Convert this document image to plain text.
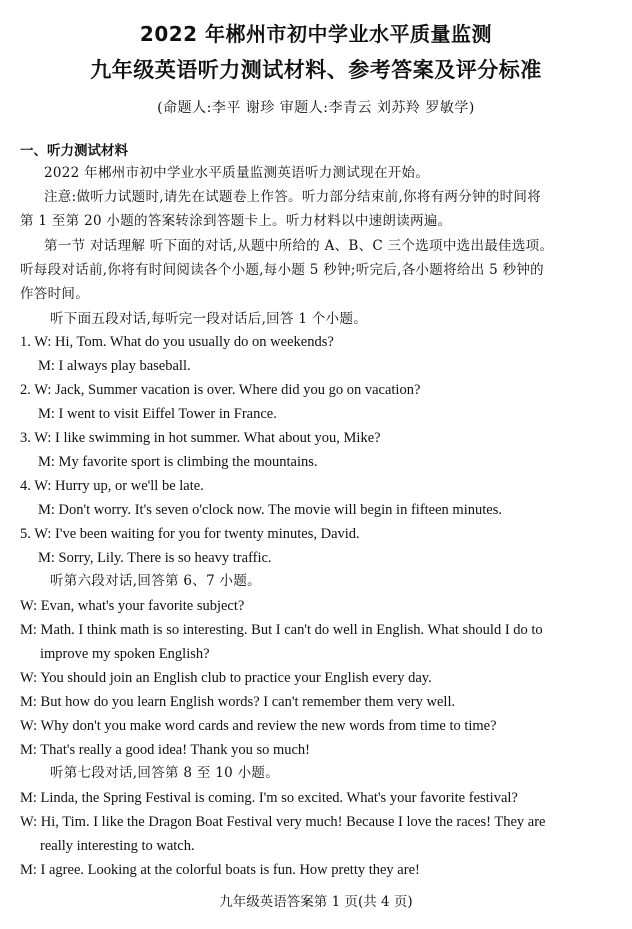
2022 年郴州市初中学业水平质量监测
九年级英语听力测试材料、参考答案及评分标准
(命题人:李平 谢珍 审题人:李青云 刘苏羚 罗敏学)
一、听力测试材料
2022 年郴州市初中学业水平质量监测英语听力测试现在开始。
注意:做听力试题时,请先在试题卷上作答。听力部分结束前,你将有两分钟的时间将
第 1 至第 20 小题的答案转涂到答题卡上。听力材料以中速朗读两遍。
第一节 对话理解 听下面的对话,从题中所给的 A、B、C 三个选项中选出最佳选项。
听每段对话前,你将有时间阅读各个小题,每小题 5 秒钟;听完后,各小题将给出 5 秒钟的
作答时间。
听下面五段对话,每听完一段对话后,回答 1 个小题。
1. W: Hi, Tom. What do you usually do on weekends?
M: I always play baseball.
2. W: Jack, Summer vacation is over. Where did you go on vacation?
M: I went to visit Eiffel Tower in France.
3. W: I like swimming in hot summer. What about you, Mike?
M: My favorite sport is climbing the mountains.
4. W: Hurry up, or we'll be late.
M: Don't worry. It's seven o'clock now. The movie will begin in fifteen minutes.
5. W: I've been waiting for you for twenty minutes, David.
M: Sorry, Lily. There is so heavy traffic.
听第六段对话,回答第 6、7 小题。
W: Evan, what's your favorite subject?
M: Math. I think math is so interesting. But I can't do well in English. What should I do to
improve my spoken English?
W: You should join an English club to practice your English every day.
M: But how do you learn English words? I can't remember them very well.
W: Why don't you make word cards and review the new words from time to time?
M: That's really a good idea! Thank you so much!
听第七段对话,回答第 8 至 10 小题。
M: Linda, the Spring Festival is coming. I'm so excited. What's your favorite festival?
W: Hi, Tim. I like the Dragon Boat Festival very much! Because I love the races! They are
really interesting to watch.
M: I agree. Looking at the colorful boats is fun. How pretty they are!
九年级英语答案第 1 页(共 4 页)
